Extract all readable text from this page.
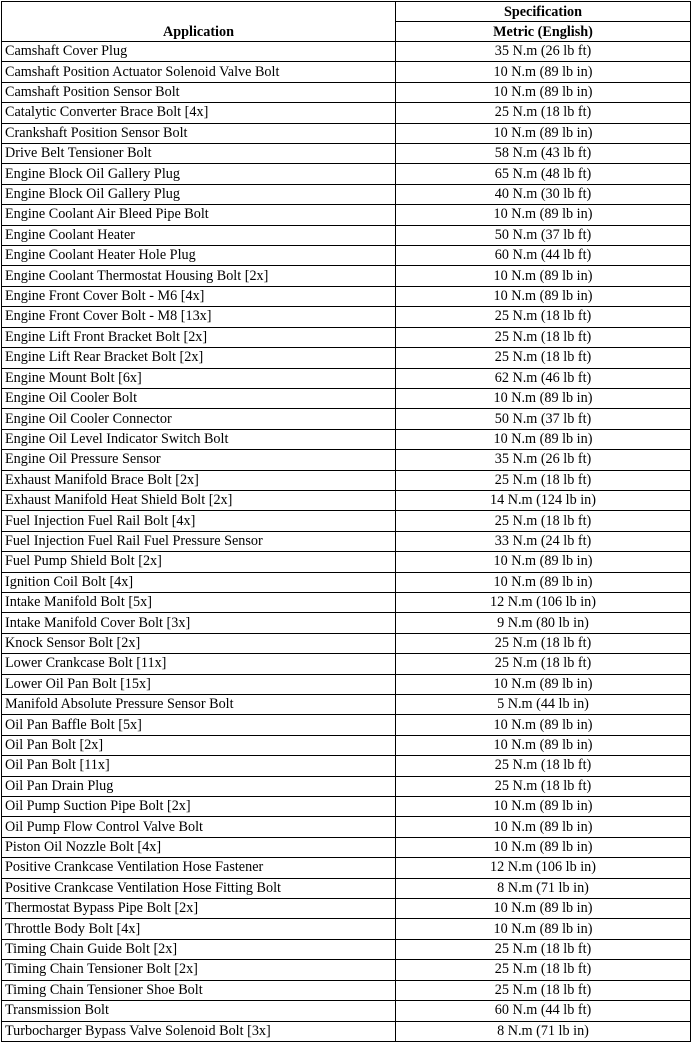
Application	Specification
	Metric (English)
Camshaft Cover Plug	35 N.m (26 lb ft)
Camshaft Position Actuator Solenoid Valve Bolt	10 N.m (89 lb in)
Camshaft Position Sensor Bolt	10 N.m (89 lb in)
Catalytic Converter Brace Bolt [4x]	25 N.m (18 lb ft)
Crankshaft Position Sensor Bolt	10 N.m (89 lb in)
Drive Belt Tensioner Bolt	58 N.m (43 lb ft)
Engine Block Oil Gallery Plug	65 N.m (48 lb ft)
Engine Block Oil Gallery Plug	40 N.m (30 lb ft)
Engine Coolant Air Bleed Pipe Bolt	10 N.m (89 lb in)
Engine Coolant Heater	50 N.m (37 lb ft)
Engine Coolant Heater Hole Plug	60 N.m (44 lb ft)
Engine Coolant Thermostat Housing Bolt [2x]	10 N.m (89 lb in)
Engine Front Cover Bolt - M6 [4x]	10 N.m (89 lb in)
Engine Front Cover Bolt - M8 [13x]	25 N.m (18 lb ft)
Engine Lift Front Bracket Bolt [2x]	25 N.m (18 lb ft)
Engine Lift Rear Bracket Bolt [2x]	25 N.m (18 lb ft)
Engine Mount Bolt [6x]	62 N.m (46 lb ft)
Engine Oil Cooler Bolt	10 N.m (89 lb in)
Engine Oil Cooler Connector	50 N.m (37 lb ft)
Engine Oil Level Indicator Switch Bolt	10 N.m (89 lb in)
Engine Oil Pressure Sensor	35 N.m (26 lb ft)
Exhaust Manifold Brace Bolt [2x]	25 N.m (18 lb ft)
Exhaust Manifold Heat Shield Bolt [2x]	14 N.m (124 lb in)
Fuel Injection Fuel Rail Bolt [4x]	25 N.m (18 lb ft)
Fuel Injection Fuel Rail Fuel Pressure Sensor	33 N.m (24 lb ft)
Fuel Pump Shield Bolt [2x]	10 N.m (89 lb in)
Ignition Coil Bolt [4x]	10 N.m (89 lb in)
Intake Manifold Bolt [5x]	12 N.m (106 lb in)
Intake Manifold Cover Bolt [3x]	9 N.m (80 lb in)
Knock Sensor Bolt [2x]	25 N.m (18 lb ft)
Lower Crankcase Bolt [11x]	25 N.m (18 lb ft)
Lower Oil Pan Bolt [15x]	10 N.m (89 lb in)
Manifold Absolute Pressure Sensor Bolt	5 N.m (44 lb in)
Oil Pan Baffle Bolt [5x]	10 N.m (89 lb in)
Oil Pan Bolt [2x]	10 N.m (89 lb in)
Oil Pan Bolt [11x]	25 N.m (18 lb ft)
Oil Pan Drain Plug	25 N.m (18 lb ft)
Oil Pump Suction Pipe Bolt [2x]	10 N.m (89 lb in)
Oil Pump Flow Control Valve Bolt	10 N.m (89 lb in)
Piston Oil Nozzle Bolt [4x]	10 N.m (89 lb in)
Positive Crankcase Ventilation Hose Fastener	12 N.m (106 lb in)
Positive Crankcase Ventilation Hose Fitting Bolt	8 N.m (71 lb in)
Thermostat Bypass Pipe Bolt [2x]	10 N.m (89 lb in)
Throttle Body Bolt [4x]	10 N.m (89 lb in)
Timing Chain Guide Bolt [2x]	25 N.m (18 lb ft)
Timing Chain Tensioner Bolt [2x]	25 N.m (18 lb ft)
Timing Chain Tensioner Shoe Bolt	25 N.m (18 lb ft)
Transmission Bolt	60 N.m (44 lb ft)
Turbocharger Bypass Valve Solenoid Bolt [3x]	8 N.m (71 lb in)
